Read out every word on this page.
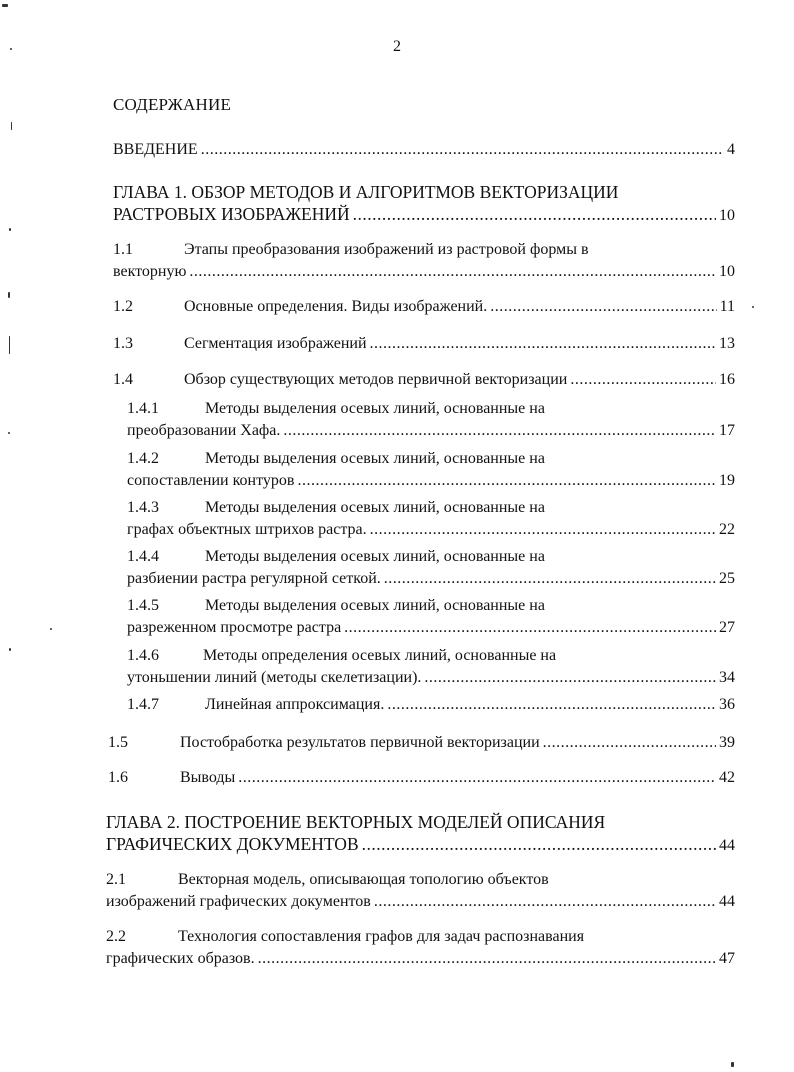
2
СОДЕРЖАНИЕ
ВВЕДЕНИЕ .....	4
ГЛАВА 1. ОБЗОР МЕТОДОВ И АЛГОРИТМОВ ВЕКТОРИЗАЦИИ
РАСТРОВЫХ ИЗОБРАЖЕНИЙ .....	10
1.1	Этапы преобразования изображений из растровой формы в
векторную .....	10
1.2	Основные определения. Виды изображений. .....	11
1.3	Сегментация изображений .....	13
1.4	Обзор существующих методов первичной векторизации .....	16
1.4.1	Методы выделения осевых линий, основанные на
преобразовании Хафа. .....	17
1.4.2	Методы выделения осевых линий, основанные на
сопоставлении контуров .....	19
1.4.3	Методы выделения осевых линий, основанные на
графах объектных штрихов растра. .....	22
1.4.4	Методы выделения осевых линий, основанные на
разбиении растра регулярной сеткой. .....	25
1.4.5	Методы выделения осевых линий, основанные на
разреженном просмотре растра .....	27
1.4.6	Методы определения осевых линий, основанные на
утоньшении линий (методы скелетизации). .....	34
1.4.7	Линейная аппроксимация. .....	36
1.5	Постобработка результатов первичной векторизации .....	39
1.6	Выводы .....	42
ГЛАВА 2. ПОСТРОЕНИЕ ВЕКТОРНЫХ МОДЕЛЕЙ ОПИСАНИЯ
ГРАФИЧЕСКИХ ДОКУМЕНТОВ .....	44
2.1	Векторная модель, описывающая топологию объектов
изображений графических документов .....	44
2.2	Технология сопоставления графов для задач распознавания
графических образов. .....	47
